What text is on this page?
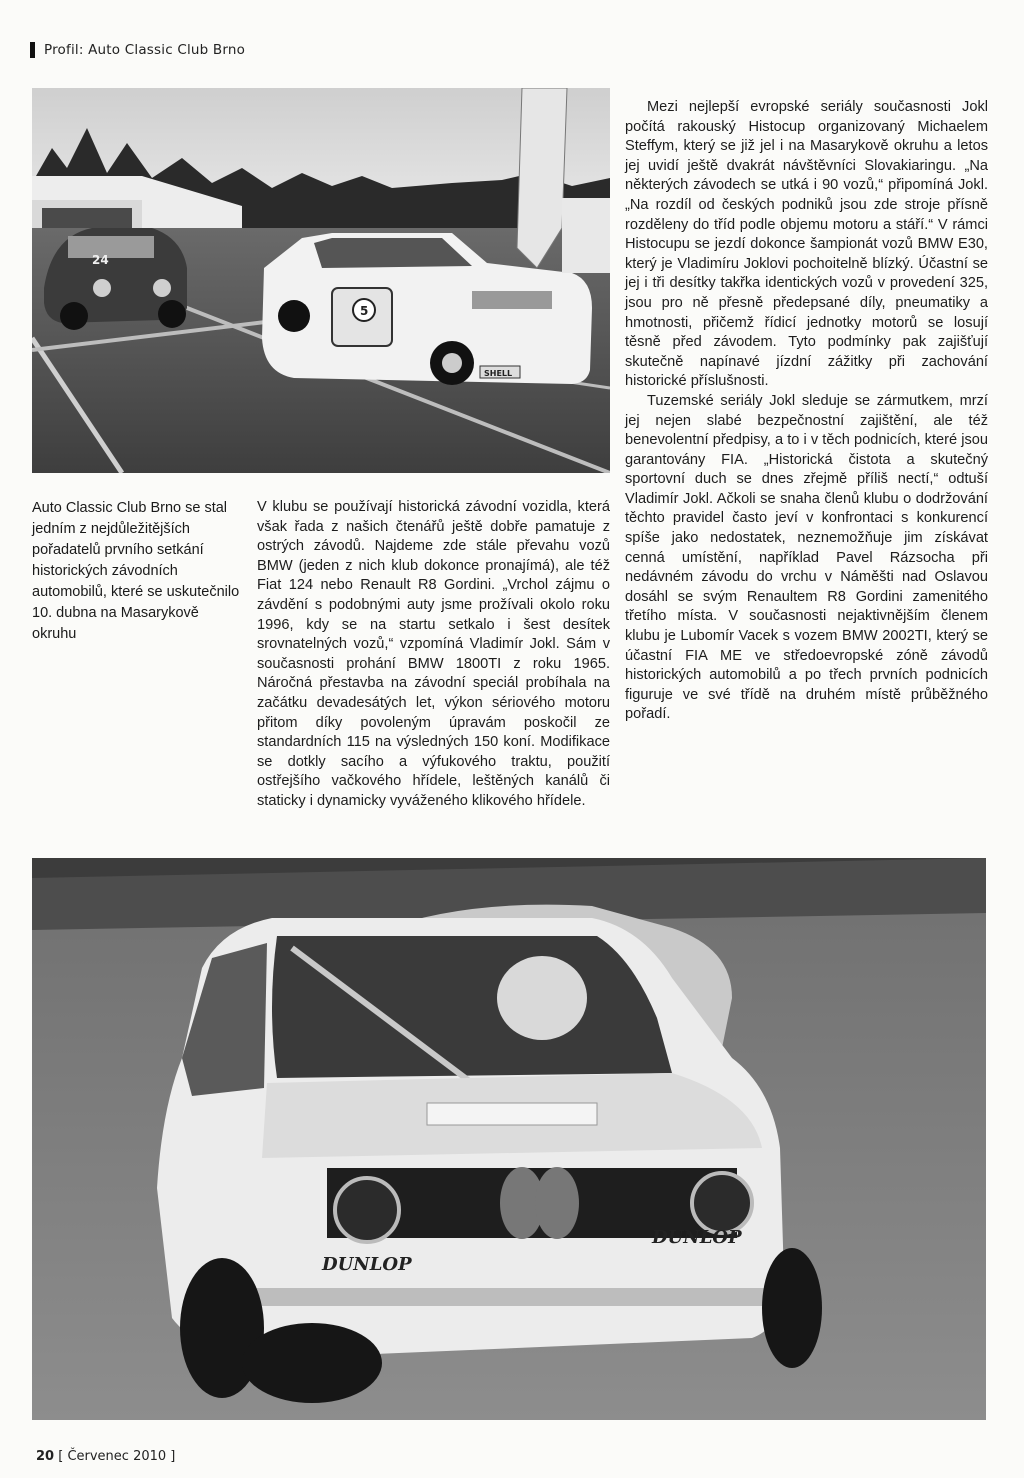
Profil: Auto Classic Club Brno
24
5
SHELL
Auto Classic Club Brno se stal jedním z nejdůležitějších pořadatelů prvního setkání historických závodních automobilů, které se uskutečnilo 10. dubna na Masarykově okruhu

V klubu se používají historická závodní vozidla, která však řada z našich čtenářů ještě dobře pamatuje z ostrých závodů. Najdeme zde stále převahu vozů BMW (jeden z nich klub dokonce pronajímá), ale též Fiat 124 nebo Renault R8 Gordini. „Vrchol zájmu o závdění s podobnými auty jsme prožívali okolo roku 1996, kdy se na startu setkalo i šest desítek srovnatelných vozů,“ vzpomíná Vladimír Jokl. Sám v současnosti prohání BMW 1800TI z roku 1965. Náročná přestavba na závodní speciál probíhala na začátku devadesátých let, výkon sériového motoru přitom díky povoleným úpravám poskočil ze standardních 115 na výsledných 150 koní. Modifikace se dotkly sacího a výfukového traktu, použití ostřejšího vačkového hřídele, leštěných kanálů či staticky i dynamicky vyváženého klikového hřídele.

Mezi nejlepší evropské seriály současnosti Jokl počítá rakouský Histocup organizovaný Michaelem Steffym, který se již jel i na Masarykově okruhu a letos jej uvidí ještě dvakrát návštěvníci Slovakiaringu. „Na některých závodech se utká i 90 vozů,“ připomíná Jokl. „Na rozdíl od českých podniků jsou zde stroje přísně rozděleny do tříd podle objemu motoru a stáří.“ V rámci Histocupu se jezdí dokonce šampionát vozů BMW E30, který je Vladimíru Joklovi pochoitelně blízký. Účastní se jej i tři desítky takřka identických vozů v provedení 325, jsou pro ně přesně předepsané díly, pneumatiky a hmotnosti, přičemž řídicí jednotky motorů se losují těsně před závodem. Tyto podmínky pak zajišťují skutečně napínavé jízdní zážitky při zachování historické příslušnosti.

Tuzemské seriály Jokl sleduje se zármutkem, mrzí jej nejen slabé bezpečnostní zajištění, ale též benevolentní předpisy, a to i v těch podnicích, které jsou garantovány FIA. „Historická čistota a skutečný sportovní duch se dnes zřejmě příliš nectí,“ odtuší Vladimír Jokl. Ačkoli se snaha členů klubu o dodržování těchto pravidel často jeví v konfrontaci s konkurencí spíše jako nedostatek, neznemožňuje jim získávat cenná umístění, například Pavel Rázsocha při nedávném závodu do vrchu v Náměšti nad Oslavou dosáhl se svým Renaultem R8 Gordini zamenitého třetího místa. V současnosti nejaktivnějším členem klubu je Lubomír Vacek s vozem BMW 2002TI, který se účastní FIA ME ve středoevropské zóně závodů historických automobilů a po třech prvních podnicích figuruje ve své třídě na druhém místě průběžného pořadí.

DUNLOP
DUNLOP
20 [ Červenec 2010 ]
